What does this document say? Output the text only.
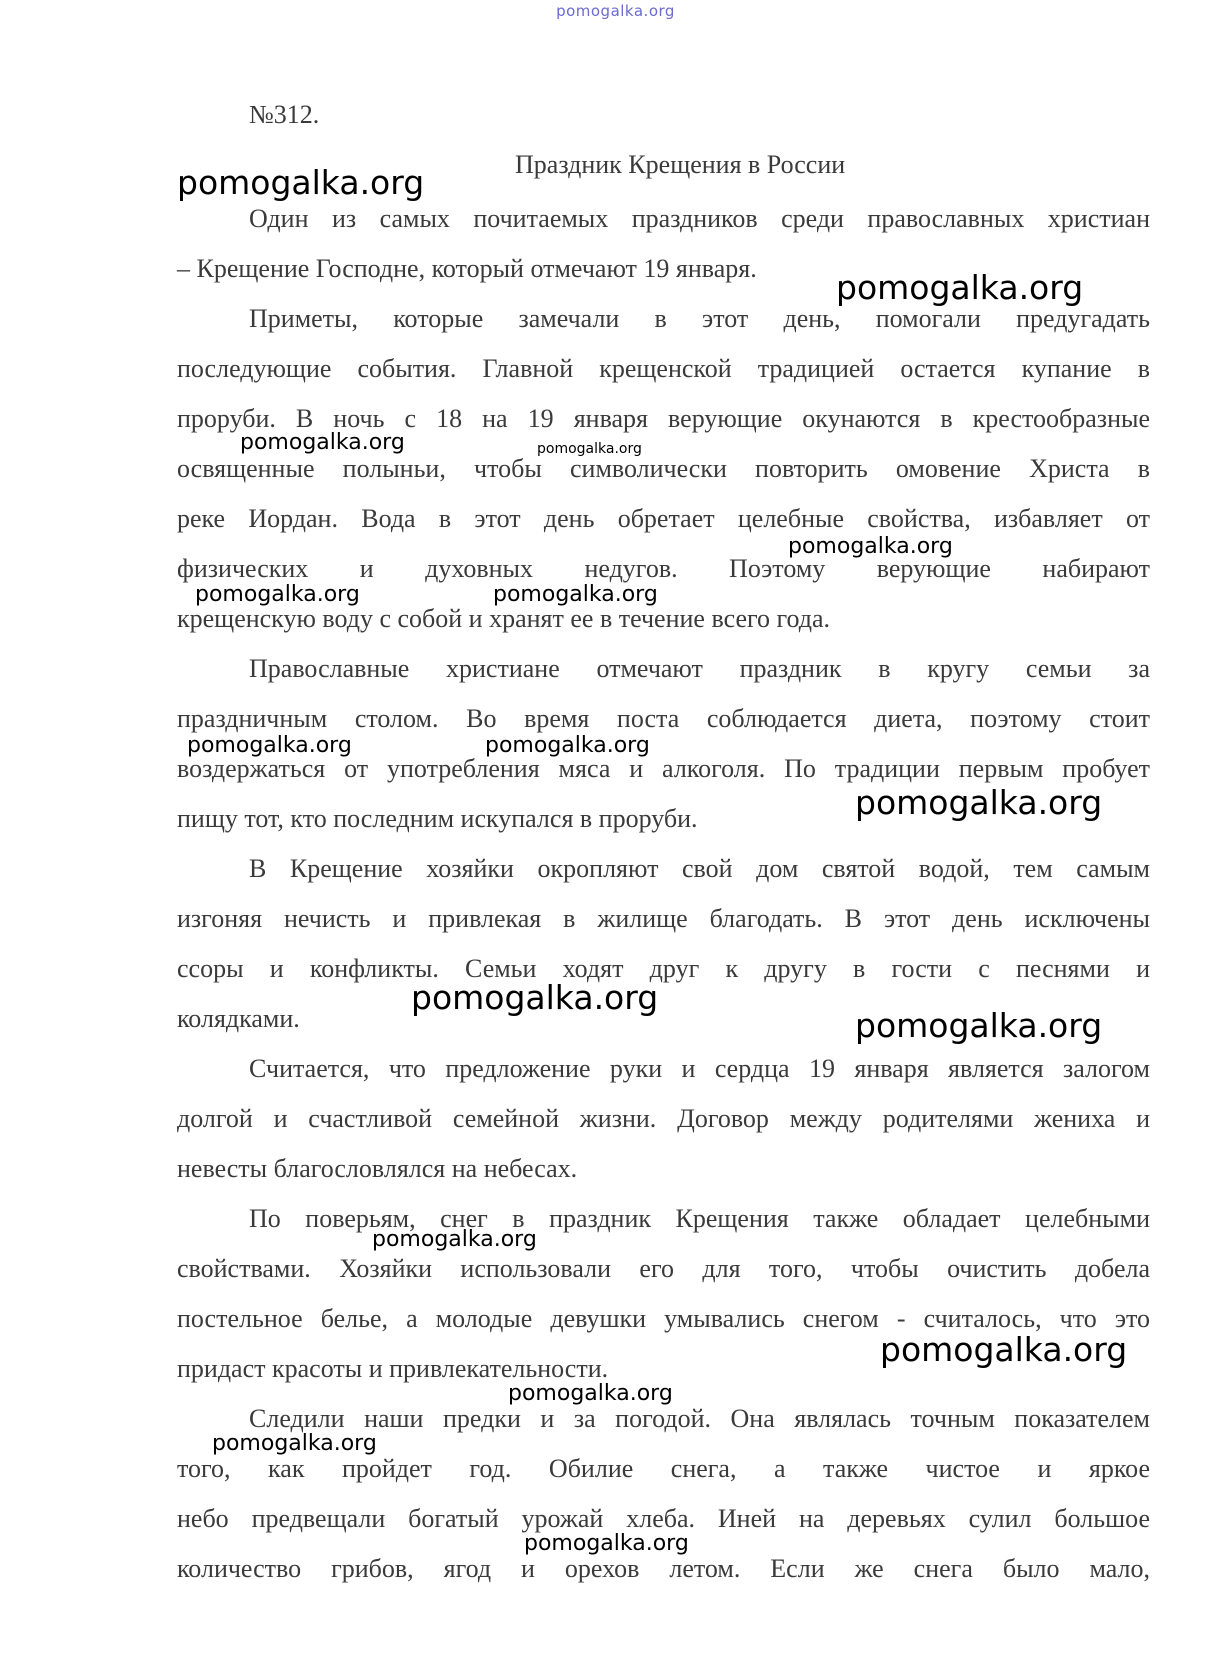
pomogalka.org
№312.
Праздник Крещения в России
Один из самых почитаемых праздников среди православных христиан
– Крещение Господне, который отмечают 19 января.
Приметы, которые замечали в этот день, помогали предугадать
последующие события. Главной крещенской традицией остается купание в
проруби. В ночь с 18 на 19 января верующие окунаются в крестообразные
освященные полыньи, чтобы символически повторить омовение Христа в
реке Иордан. Вода в этот день обретает целебные свойства, избавляет от
физических и духовных недугов. Поэтому верующие набирают
крещенскую воду с собой и хранят ее в течение всего года.
Православные христиане отмечают праздник в кругу семьи за
праздничным столом. Во время поста соблюдается диета, поэтому стоит
воздержаться от употребления мяса и алкоголя. По традиции первым пробует
пищу тот, кто последним искупался в проруби.
В Крещение хозяйки окропляют свой дом святой водой, тем самым
изгоняя нечисть и привлекая в жилище благодать. В этот день исключены
ссоры и конфликты. Семьи ходят друг к другу в гости с песнями и
колядками.
Считается, что предложение руки и сердца 19 января является залогом
долгой и счастливой семейной жизни. Договор между родителями жениха и
невесты благословлялся на небесах.
По поверьям, снег в праздник Крещения также обладает целебными
свойствами. Хозяйки использовали его для того, чтобы очистить добела
постельное белье, а молодые девушки умывались снегом - считалось, что это
придаст красоты и привлекательности.
Следили наши предки и за погодой. Она являлась точным показателем
того, как пройдет год. Обилие снега, а также чистое и яркое
небо предвещали богатый урожай хлеба. Иней на деревьях сулил большое
количество грибов, ягод и орехов летом. Если же снега было мало,
pomogalka.org
pomogalka.org
pomogalka.org	pomogalka.org
pomogalka.org
pomogalka.org	pomogalka.org
pomogalka.org	pomogalka.org
pomogalka.org
pomogalka.org
pomogalka.org
pomogalka.org
pomogalka.org
pomogalka.org
pomogalka.org
pomogalka.org
